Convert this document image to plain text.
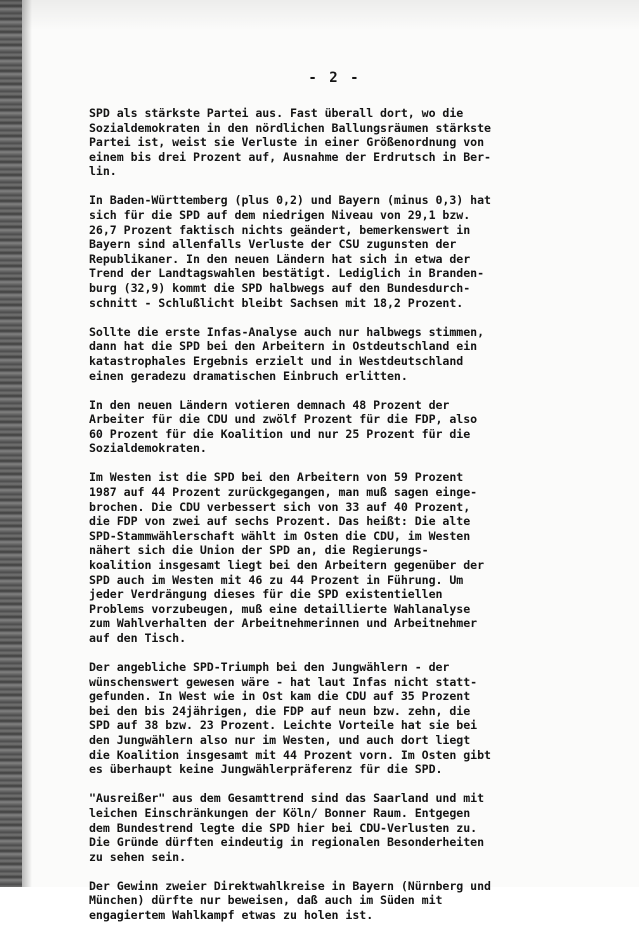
- 2 -

SPD als stärkste Partei aus. Fast überall dort, wo die
Sozialdemokraten in den nördlichen Ballungsräumen stärkste
Partei ist, weist sie Verluste in einer Größenordnung von
einem bis drei Prozent auf, Ausnahme der Erdrutsch in Ber-
lin.

In Baden-Württemberg (plus 0,2) und Bayern (minus 0,3) hat
sich für die SPD auf dem niedrigen Niveau von 29,1 bzw.
26,7 Prozent faktisch nichts geändert, bemerkenswert in
Bayern sind allenfalls Verluste der CSU zugunsten der
Republikaner. In den neuen Ländern hat sich in etwa der
Trend der Landtagswahlen bestätigt. Lediglich in Branden-
burg (32,9) kommt die SPD halbwegs auf den Bundesdurch-
schnitt - Schlußlicht bleibt Sachsen mit 18,2 Prozent.

Sollte die erste Infas-Analyse auch nur halbwegs stimmen,
dann hat die SPD bei den Arbeitern in Ostdeutschland ein
katastrophales Ergebnis erzielt und in Westdeutschland
einen geradezu dramatischen Einbruch erlitten.

In den neuen Ländern votieren demnach 48 Prozent der
Arbeiter für die CDU und zwölf Prozent für die FDP, also
60 Prozent für die Koalition und nur 25 Prozent für die
Sozialdemokraten.

Im Westen ist die SPD bei den Arbeitern von 59 Prozent
1987 auf 44 Prozent zurückgegangen, man muß sagen einge-
brochen. Die CDU verbessert sich von 33 auf 40 Prozent,
die FDP von zwei auf sechs Prozent. Das heißt: Die alte
SPD-Stammwählerschaft wählt im Osten die CDU, im Westen
nähert sich die Union der SPD an, die Regierungs-
koalition insgesamt liegt bei den Arbeitern gegenüber der
SPD auch im Westen mit 46 zu 44 Prozent in Führung. Um
jeder Verdrängung dieses für die SPD existentiellen
Problems vorzubeugen, muß eine detaillierte Wahlanalyse
zum Wahlverhalten der Arbeitnehmerinnen und Arbeitnehmer
auf den Tisch.

Der angebliche SPD-Triumph bei den Jungwählern - der
wünschenswert gewesen wäre - hat laut Infas nicht statt-
gefunden. In West wie in Ost kam die CDU auf 35 Prozent
bei den bis 24jährigen, die FDP auf neun bzw. zehn, die
SPD auf 38 bzw. 23 Prozent. Leichte Vorteile hat sie bei
den Jungwählern also nur im Westen, und auch dort liegt
die Koalition insgesamt mit 44 Prozent vorn. Im Osten gibt
es überhaupt keine Jungwählerpräferenz für die SPD.

"Ausreißer" aus dem Gesamttrend sind das Saarland und mit
leichen Einschränkungen der Köln/ Bonner Raum. Entgegen
dem Bundestrend legte die SPD hier bei CDU-Verlusten zu.
Die Gründe dürften eindeutig in regionalen Besonderheiten
zu sehen sein.

Der Gewinn zweier Direktwahlkreise in Bayern (Nürnberg und
München) dürfte nur beweisen, daß auch im Süden mit
engagiertem Wahlkampf etwas zu holen ist.
